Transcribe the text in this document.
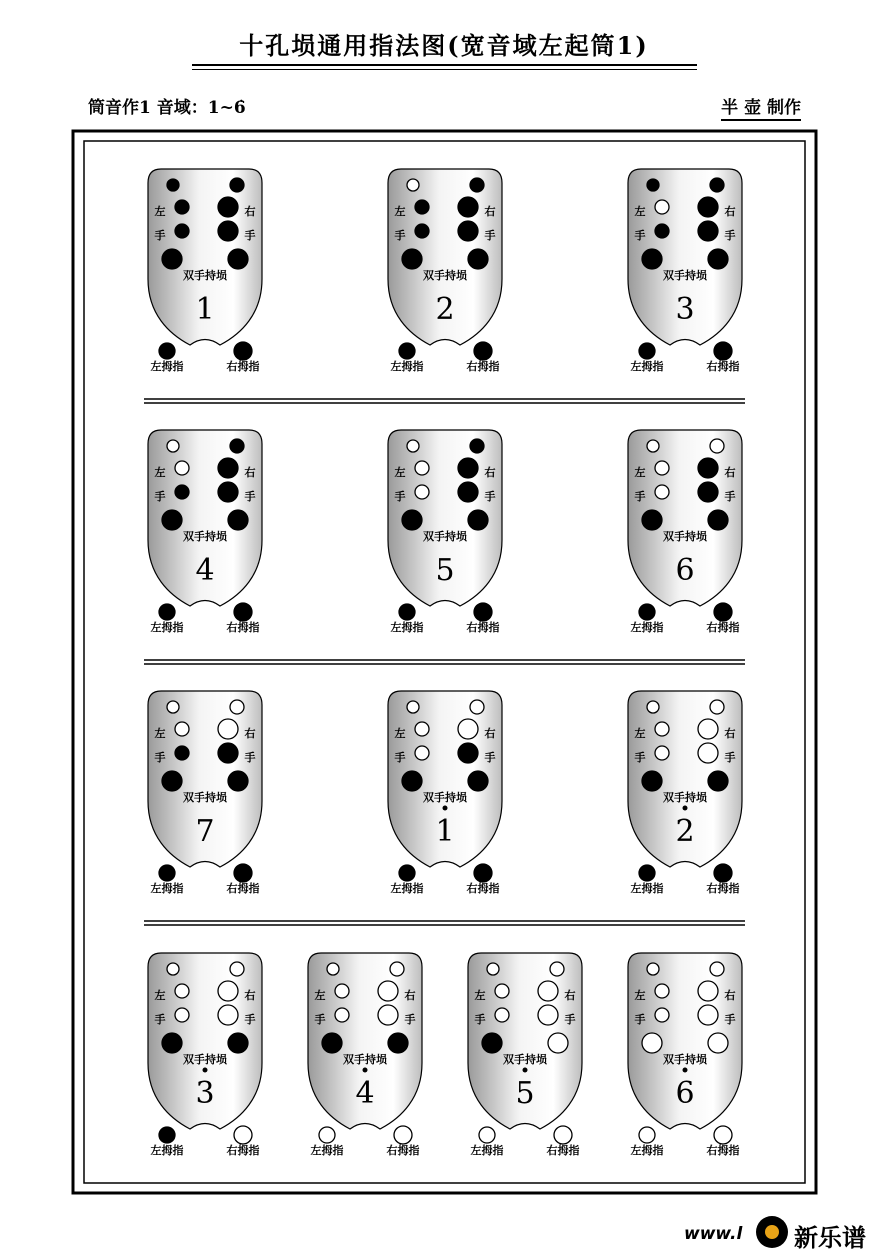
十孔埙通用指法图(宽音域左起筒1)
筒音作1 音域：1~6̇	半 壶 制作
左
手
右
手
双手持埙
1
左拇指	右拇指
左
手
右
手
双手持埙
2
左拇指	右拇指
左
手
右
手
双手持埙
3
左拇指	右拇指
左
手
右
手
双手持埙
4
左拇指	右拇指
左
手
右
手
双手持埙
5
左拇指	右拇指
左
手
右
手
双手持埙
6
左拇指	右拇指
左
手
右
手
双手持埙
7
左拇指	右拇指
左
手
右
手
双手持埙
1
左拇指	右拇指
左
手
右
手
双手持埙
2
左拇指	右拇指
左
手
右
手
双手持埙
3
左拇指	右拇指
左
手
右
手
双手持埙
4
左拇指	右拇指
左
手
右
手
双手持埙
5
左拇指	右拇指
左
手
右
手
双手持埙
6
左拇指	右拇指
www.l 新乐谱
